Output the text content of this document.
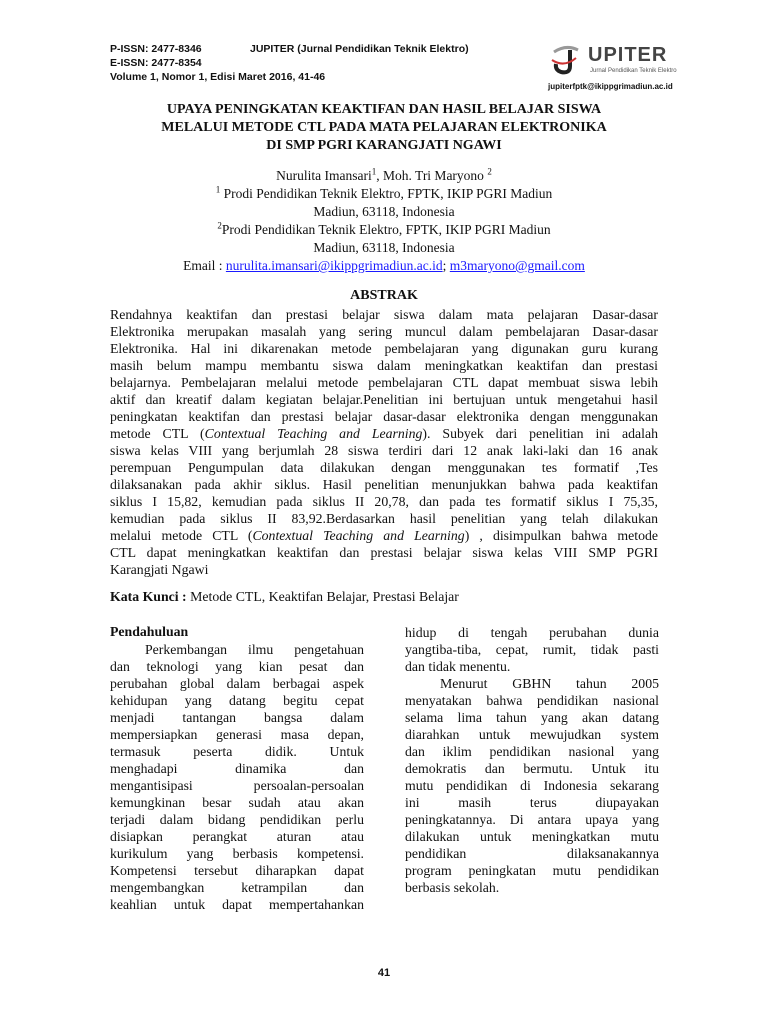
P-ISSN: 2477-8346
E-ISSN: 2477-8354
Volume 1, Nomor 1, Edisi Maret 2016, 41-46
JUPITER (Jurnal Pendidikan Teknik Elektro)	UPITER
Jurnal Pendidikan Teknik Elektro
jupiterfptk@ikippgrimadiun.ac.id
UPAYA PENINGKATAN KEAKTIFAN DAN HASIL BELAJAR SISWA
MELALUI METODE CTL PADA MATA PELAJARAN ELEKTRONIKA
DI SMP PGRI KARANGJATI NGAWI
Nurulita Imansari$^1$, Moh. Tri Maryono $^2$
$^1$ Prodi Pendidikan Teknik Elektro, FPTK, IKIP PGRI Madiun
Madiun, 63118, Indonesia
$^2$Prodi Pendidikan Teknik Elektro, FPTK, IKIP PGRI Madiun
Madiun, 63118, Indonesia
Email : nurulita.imansari@ikippgrimadiun.ac.id; m3maryono@gmail.com
ABSTRAK
Rendahnya keaktifan dan prestasi belajar siswa dalam mata pelajaran Dasar-dasar
Elektronika merupakan masalah yang sering muncul dalam pembelajaran Dasar-dasar
Elektronika. Hal ini dikarenakan metode pembelajaran yang digunakan guru kurang
masih belum mampu membantu siswa dalam meningkatkan keaktifan dan prestasi
belajarnya. Pembelajaran melalui metode pembelajaran CTL dapat membuat siswa lebih
aktif dan kreatif dalam kegiatan belajar.Penelitian ini bertujuan untuk mengetahui hasil
peningkatan keaktifan dan prestasi belajar dasar-dasar elektronika dengan menggunakan
metode CTL (Contextual Teaching and Learning). Subyek dari penelitian ini adalah
siswa kelas VIII yang berjumlah 28 siswa terdiri dari 12 anak laki-laki dan 16 anak
perempuan Pengumpulan data dilakukan dengan menggunakan tes formatif ,Tes
dilaksanakan pada akhir siklus. Hasil penelitian menunjukkan bahwa pada keaktifan
siklus I 15,82, kemudian pada siklus II 20,78, dan pada tes formatif siklus I 75,35,
kemudian pada siklus II 83,92.Berdasarkan hasil penelitian yang telah dilakukan
melalui metode CTL (Contextual Teaching and Learning) , disimpulkan bahwa metode
CTL dapat meningkatkan keaktifan dan prestasi belajar siswa kelas VIII SMP PGRI
Karangjati Ngawi
Kata Kunci : Metode CTL, Keaktifan Belajar, Prestasi Belajar
Pendahuluan
Perkembangan ilmu pengetahuan
dan teknologi yang kian pesat dan
perubahan global dalam berbagai aspek
kehidupan yang datang begitu cepat
menjadi tantangan bangsa dalam
mempersiapkan generasi masa depan,
termasuk peserta didik. Untuk
menghadapi dinamika dan
mengantisipasi persoalan-persoalan
kemungkinan besar sudah atau akan
terjadi dalam bidang pendidikan perlu
disiapkan perangkat aturan atau
kurikulum yang berbasis kompetensi.
Kompetensi tersebut diharapkan dapat
mengembangkan ketrampilan dan
keahlian untuk dapat mempertahankan
hidup di tengah perubahan dunia
yangtiba-tiba, cepat, rumit, tidak pasti
dan tidak menentu.
Menurut GBHN tahun 2005
menyatakan bahwa pendidikan nasional
selama lima tahun yang akan datang
diarahkan untuk mewujudkan system
dan iklim pendidikan nasional yang
demokratis dan bermutu. Untuk itu
mutu pendidikan di Indonesia sekarang
ini masih terus diupayakan
peningkatannya. Di antara upaya yang
dilakukan untuk meningkatkan mutu
pendidikan dilaksanakannya
program peningkatan mutu pendidikan
berbasis sekolah.
41
